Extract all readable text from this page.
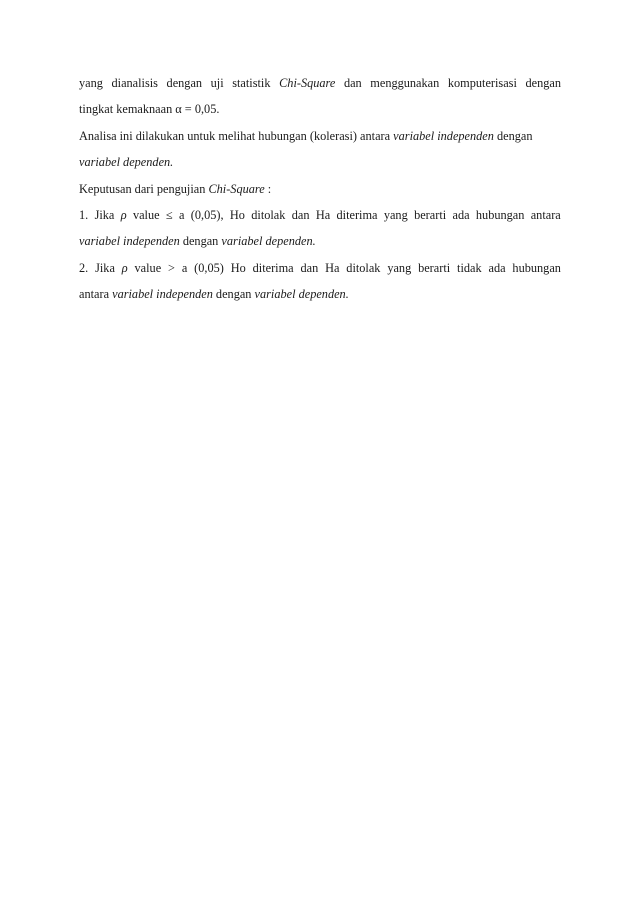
yang dianalisis dengan uji statistik Chi-Square dan menggunakan komputerisasi dengan
tingkat kemaknaan α = 0,05.
Analisa ini dilakukan untuk melihat hubungan (kolerasi) antara variabel independen dengan
variabel dependen.
Keputusan dari pengujian Chi-Square :
1. Jika ρ value ≤ a (0,05), Ho ditolak dan Ha diterima yang berarti ada hubungan antara
variabel independen dengan variabel dependen.
2. Jika ρ value > a (0,05) Ho diterima dan Ha ditolak yang berarti tidak ada hubungan
antara variabel independen dengan variabel dependen.
